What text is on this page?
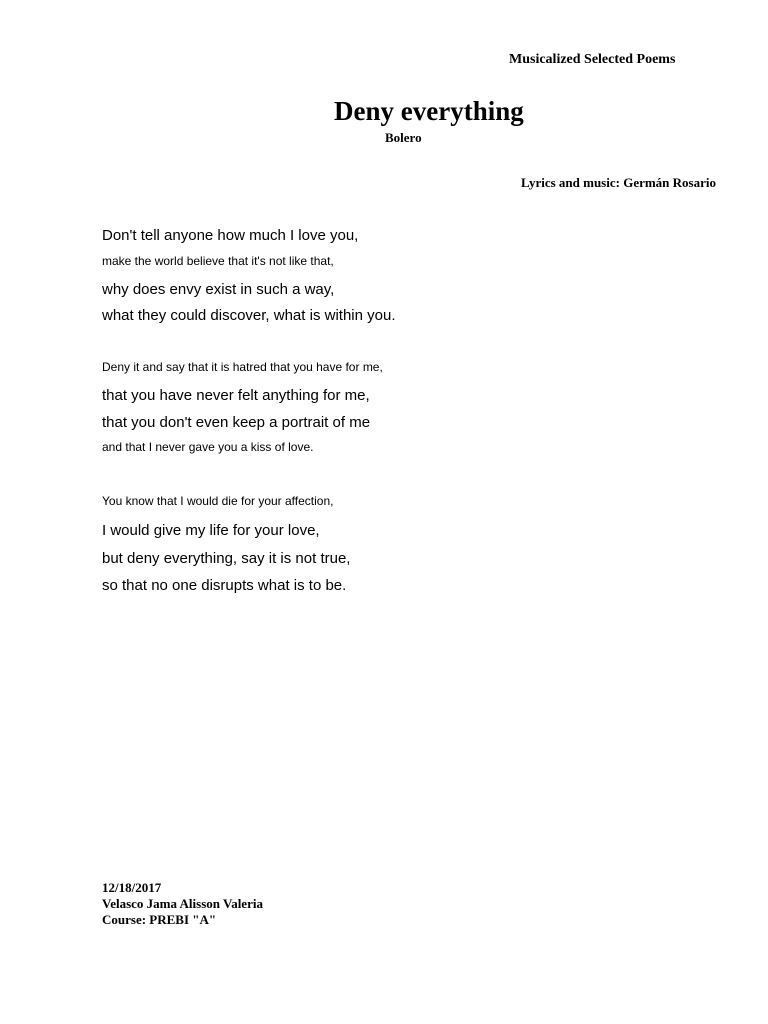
Musicalized Selected Poems
Deny everything
Bolero
Lyrics and music: Germán Rosario
Don't tell anyone how much I love you,
make the world believe that it's not like that,
why does envy exist in such a way,
what they could discover, what is within you.
Deny it and say that it is hatred that you have for me,
that you have never felt anything for me,
that you don't even keep a portrait of me
and that I never gave you a kiss of love.
You know that I would die for your affection,
I would give my life for your love,
but deny everything, say it is not true,
so that no one disrupts what is to be.
12/18/2017
Velasco Jama Alisson Valeria
Course: PREBI "A"
